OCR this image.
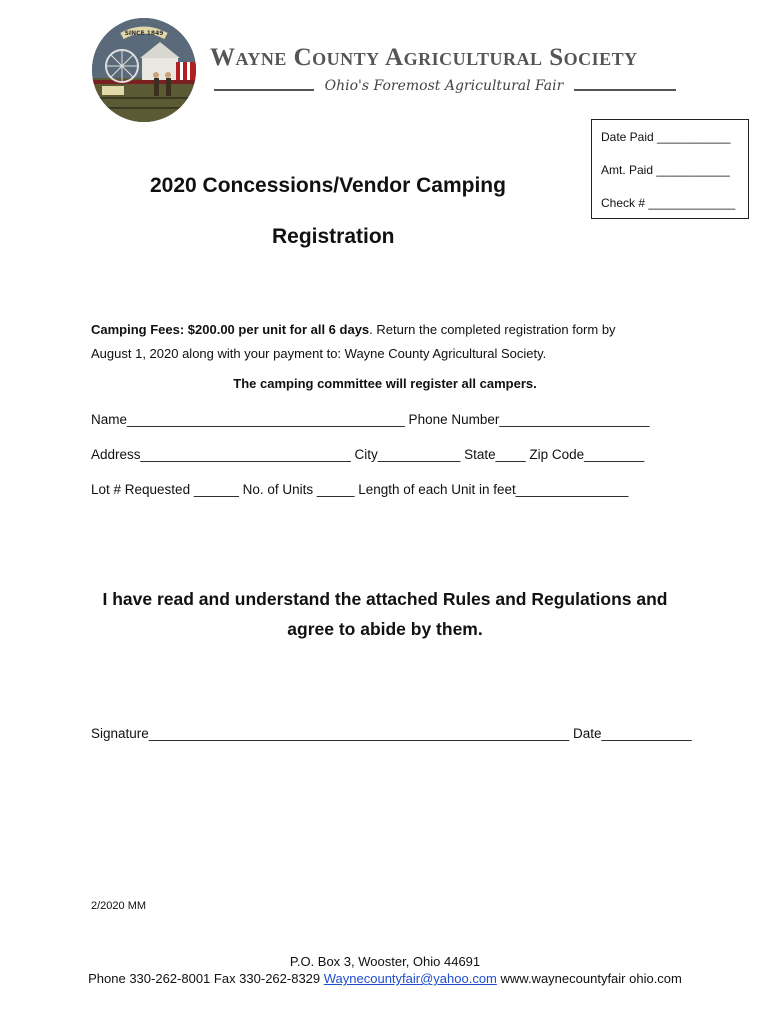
SINCE 1849
Wayne County Agricultural Society
Ohio's Foremost Agricultural Fair
Date Paid ___________
Amt. Paid ___________
Check # _____________
2020 Concessions/Vendor Camping
Registration
Camping Fees: $200.00 per unit for all 6 days. Return the completed registration form by
August 1, 2020 along with your payment to: Wayne County Agricultural Society.
The camping committee will register all campers.
Name_____________________________________ Phone Number____________________
Address____________________________ City___________ State____ Zip Code________
Lot # Requested ______ No. of Units _____ Length of each Unit in feet_______________
I have read and understand the attached Rules and Regulations and
agree to abide by them.
Signature________________________________________________________ Date____________
2/2020 MM
P.O. Box 3, Wooster, Ohio 44691
Phone 330-262-8001 Fax 330-262-8329 Waynecountyfair@yahoo.com www.waynecountyfair ohio.com
